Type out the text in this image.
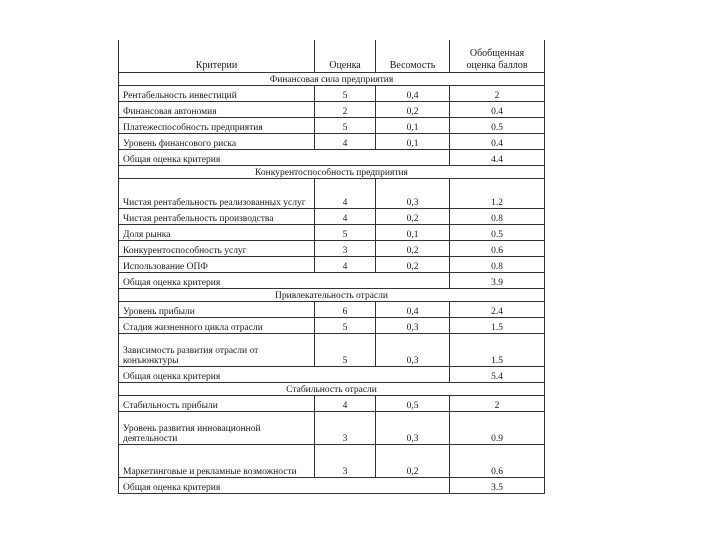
Критерии	Оценка	Весомость	Обобщенная оценка баллов
Финансовая сила предприятия			
Рентабельность инвестиций	5	0,4	2
Финансовая автономия	2	0,2	0.4
Платежеспособность предприятия	5	0,1	0.5
Уровень финансового риска	4	0,1	0.4
Общая оценка критерия			4.4
Конкурентоспособность предприятия			
Чистая рентабельность реализованных услуг	4	0,3	1.2
Чистая рентабельность производства	4	0,2	0.8
Доля рынка	5	0,1	0.5
Конкурентоспособность услуг	3	0,2	0.6
Использование ОПФ	4	0,2	0.8
Общая оценка критерия			3.9
Привлекательность отрасли			
Уровень прибыли	6	0,4	2.4
Стадия жизненного цикла отрасли	5	0,3	1.5
Зависимость развития отрасли от конъюнктуры	5	0,3	1.5
Общая оценка критерия			5.4
Стабильность отрасли			
Стабильность прибыли	4	0,5	2
Уровень развития инновационной деятельности	3	0,3	0.9
Маркетинговые и рекламные возможности	3	0,2	0.6
Общая оценка критерия			3.5
